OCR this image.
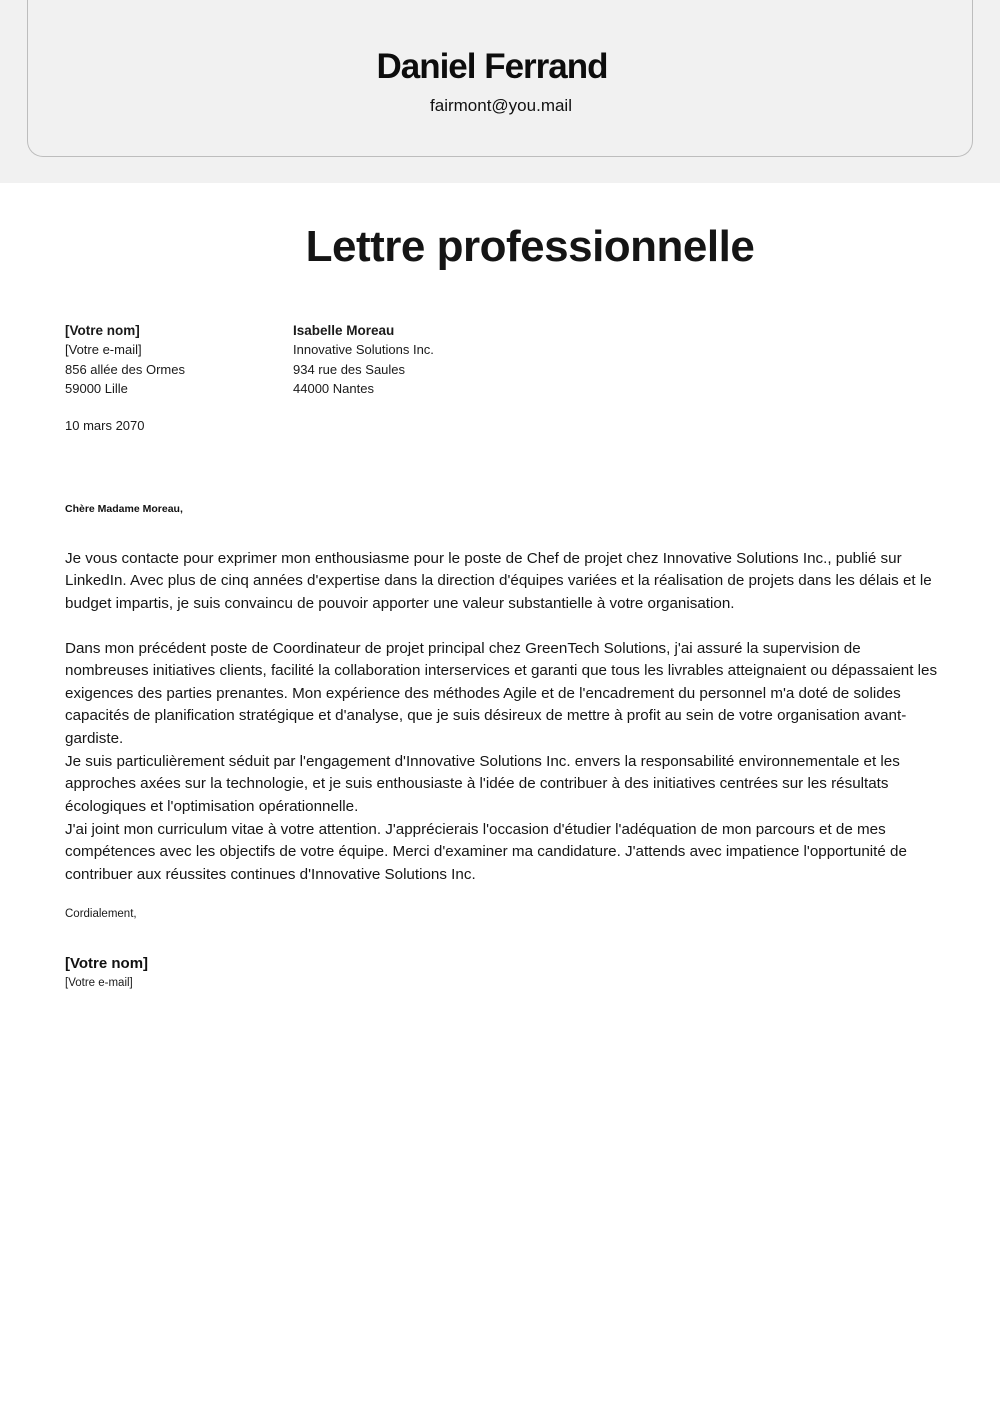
Daniel Ferrand
fairmont@you.mail
Lettre professionnelle
[Votre nom]
[Votre e-mail]
856 allée des Ormes
59000 Lille
Isabelle Moreau
Innovative Solutions Inc.
934 rue des Saules
44000 Nantes
10 mars 2070
Chère Madame Moreau,

Je vous contacte pour exprimer mon enthousiasme pour le poste de Chef de projet chez Innovative Solutions Inc., publié sur LinkedIn. Avec plus de cinq années d'expertise dans la direction d'équipes variées et la réalisation de projets dans les délais et le budget impartis, je suis convaincu de pouvoir apporter une valeur substantielle à votre organisation.

Dans mon précédent poste de Coordinateur de projet principal chez GreenTech Solutions, j'ai assuré la supervision de nombreuses initiatives clients, facilité la collaboration interservices et garanti que tous les livrables atteignaient ou dépassaient les exigences des parties prenantes. Mon expérience des méthodes Agile et de l'encadrement du personnel m'a doté de solides capacités de planification stratégique et d'analyse, que je suis désireux de mettre à profit au sein de votre organisation avant-gardiste.

Je suis particulièrement séduit par l'engagement d'Innovative Solutions Inc. envers la responsabilité environnementale et les approches axées sur la technologie, et je suis enthousiaste à l'idée de contribuer à des initiatives centrées sur les résultats écologiques et l'optimisation opérationnelle.

J'ai joint mon curriculum vitae à votre attention. J'apprécierais l'occasion d'étudier l'adéquation de mon parcours et de mes compétences avec les objectifs de votre équipe. Merci d'examiner ma candidature. J'attends avec impatience l'opportunité de contribuer aux réussites continues d'Innovative Solutions Inc.

Cordialement,
[Votre nom]
[Votre e-mail]
